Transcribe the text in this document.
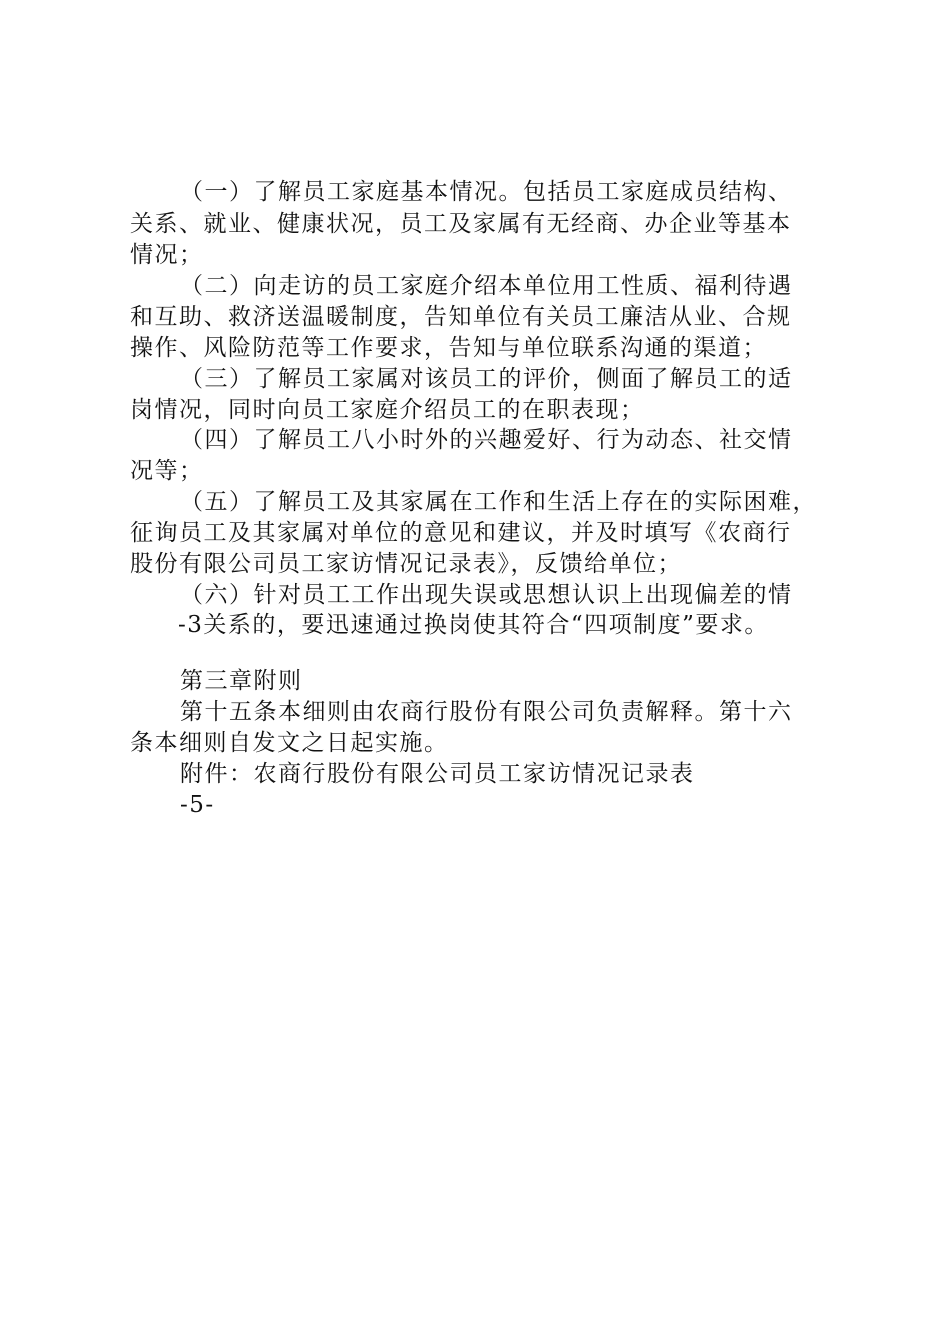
（一）了解员工家庭基本情况。包括员工家庭成员结构、
关系、就业、健康状况，员工及家属有无经商、办企业等基本
情况；
（二）向走访的员工家庭介绍本单位用工性质、福利待遇
和互助、救济送温暖制度，告知单位有关员工廉洁从业、合规
操作、风险防范等工作要求，告知与单位联系沟通的渠道；
（三）了解员工家属对该员工的评价，侧面了解员工的适
岗情况，同时向员工家庭介绍员工的在职表现；
（四）了解员工八小时外的兴趣爱好、行为动态、社交情
况等；
（五）了解员工及其家属在工作和生活上存在的实际困难，
征询员工及其家属对单位的意见和建议，并及时填写《农商行
股份有限公司员工家访情况记录表》，反馈给单位；
（六）针对员工工作出现失误或思想认识上出现偏差的情
-3关系的，要迅速通过换岗使其符合“四项制度”要求。
第三章附则
第十五条本细则由农商行股份有限公司负责解释。第十六
条本细则自发文之日起实施。
附件：农商行股份有限公司员工家访情况记录表
-5-
